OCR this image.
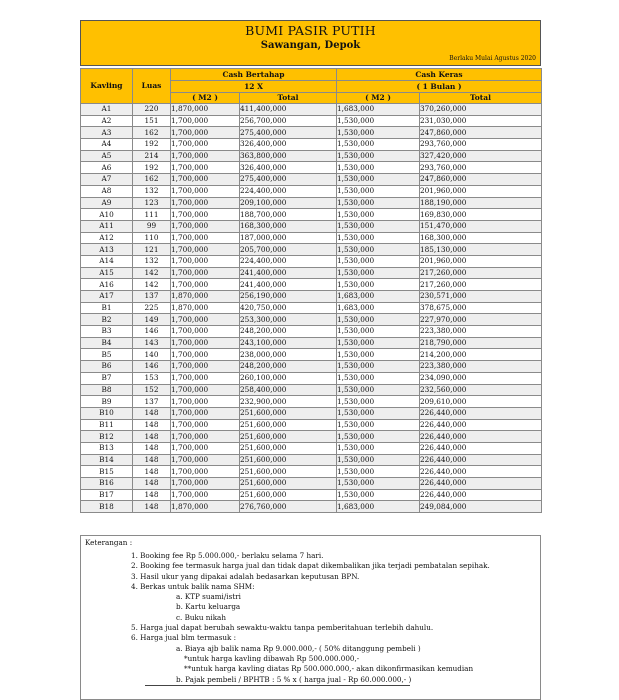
BUMI PASIR PUTIH
Sawangan, Depok
Berlaku Mulai Agustus 2020
Kavling	Luas	Cash Bertahap		Cash Keras	
		12 X		( 1 Bulan )	
		( M2 )	Total	( M2 )	Total
A1	220	1,870,000	411,400,000	1,683,000	370,260,000
A2	151	1,700,000	256,700,000	1,530,000	231,030,000
A3	162	1,700,000	275,400,000	1,530,000	247,860,000
A4	192	1,700,000	326,400,000	1,530,000	293,760,000
A5	214	1,700,000	363,800,000	1,530,000	327,420,000
A6	192	1,700,000	326,400,000	1,530,000	293,760,000
A7	162	1,700,000	275,400,000	1,530,000	247,860,000
A8	132	1,700,000	224,400,000	1,530,000	201,960,000
A9	123	1,700,000	209,100,000	1,530,000	188,190,000
A10	111	1,700,000	188,700,000	1,530,000	169,830,000
A11	99	1,700,000	168,300,000	1,530,000	151,470,000
A12	110	1,700,000	187,000,000	1,530,000	168,300,000
A13	121	1,700,000	205,700,000	1,530,000	185,130,000
A14	132	1,700,000	224,400,000	1,530,000	201,960,000
A15	142	1,700,000	241,400,000	1,530,000	217,260,000
A16	142	1,700,000	241,400,000	1,530,000	217,260,000
A17	137	1,870,000	256,190,000	1,683,000	230,571,000
B1	225	1,870,000	420,750,000	1,683,000	378,675,000
B2	149	1,700,000	253,300,000	1,530,000	227,970,000
B3	146	1,700,000	248,200,000	1,530,000	223,380,000
B4	143	1,700,000	243,100,000	1,530,000	218,790,000
B5	140	1,700,000	238,000,000	1,530,000	214,200,000
B6	146	1,700,000	248,200,000	1,530,000	223,380,000
B7	153	1,700,000	260,100,000	1,530,000	234,090,000
B8	152	1,700,000	258,400,000	1,530,000	232,560,000
B9	137	1,700,000	232,900,000	1,530,000	209,610,000
B10	148	1,700,000	251,600,000	1,530,000	226,440,000
B11	148	1,700,000	251,600,000	1,530,000	226,440,000
B12	148	1,700,000	251,600,000	1,530,000	226,440,000
B13	148	1,700,000	251,600,000	1,530,000	226,440,000
B14	148	1,700,000	251,600,000	1,530,000	226,440,000
B15	148	1,700,000	251,600,000	1,530,000	226,440,000
B16	148	1,700,000	251,600,000	1,530,000	226,440,000
B17	148	1,700,000	251,600,000	1,530,000	226,440,000
B18	148	1,870,000	276,760,000	1,683,000	249,084,000
Keterangan :
1. Booking fee Rp 5.000.000,- berlaku selama 7 hari.
2. Booking fee termasuk harga jual dan tidak dapat dikembalikan jika terjadi pembatalan sepihak.
3. Hasil ukur yang dipakai adalah bedasarkan keputusan BPN.
4. Berkas untuk balik nama SHM:
a. KTP suami/istri
b. Kartu keluarga
c. Buku nikah
5. Harga jual dapat berubah sewaktu-waktu tanpa pemberitahuan terlebih dahulu.
6. Harga jual blm termasuk :
a. Biaya ajb balik nama Rp 9.000.000,- ( 50% ditanggung pembeli )
*untuk harga kavling dibawah Rp 500.000.000,-
**untuk harga kavling diatas Rp 500.000.000,- akan dikonfirmasikan kemudian
b. Pajak pembeli / BPHTB : 5 % x ( harga jual - Rp 60.000.000,- )
